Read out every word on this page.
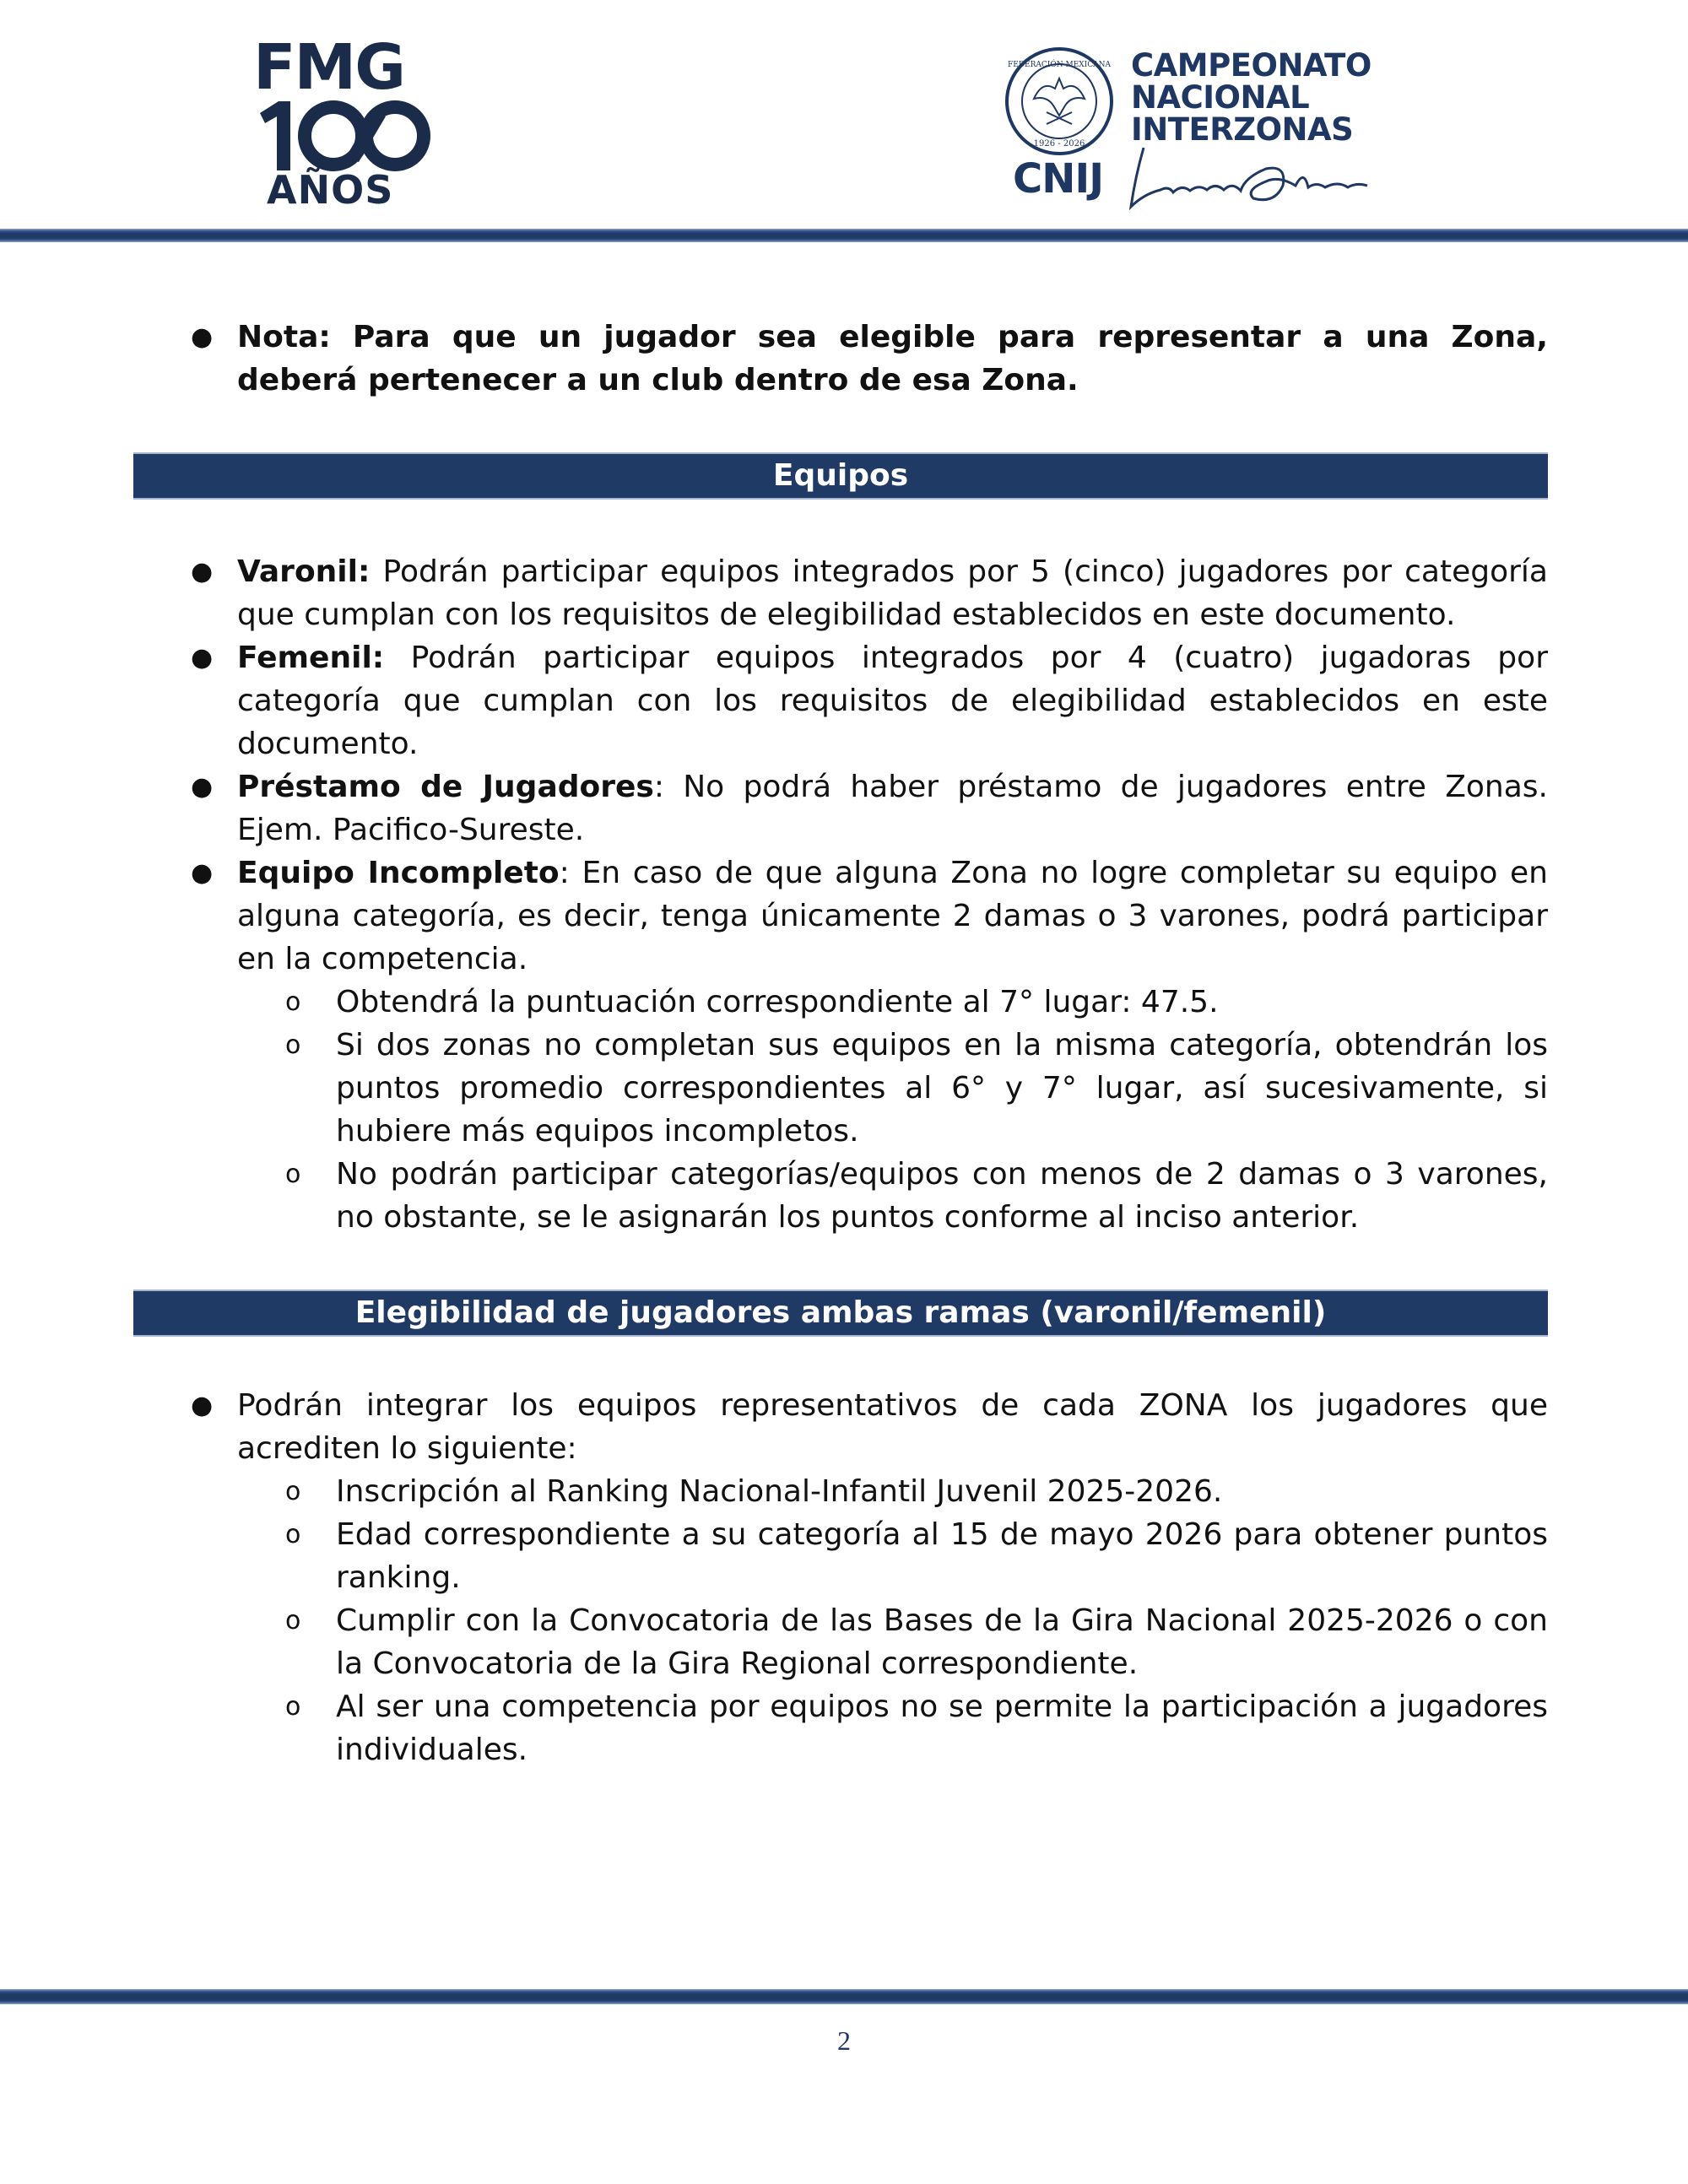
FMG
AÑOS
FEDERACIÓN MEXICANA
1926 - 2026
CNIJ
CAMPEONATO
NACIONAL
INTERZONAS
● Nota: Para que un jugador sea elegible para representar a una Zona, deberá pertenecer a un club dentro de esa Zona.
Equipos
● Varonil: Podrán participar equipos integrados por 5 (cinco) jugadores por categoría que cumplan con los requisitos de elegibilidad establecidos en este documento.
● Femenil: Podrán participar equipos integrados por 4 (cuatro) jugadoras por categoría que cumplan con los requisitos de elegibilidad establecidos en este documento.
● Préstamo de Jugadores: No podrá haber préstamo de jugadores entre Zonas. Ejem. Pacifico-Sureste.
● Equipo Incompleto: En caso de que alguna Zona no logre completar su equipo en alguna categoría, es decir, tenga únicamente 2 damas o 3 varones, podrá participar en la competencia.
o Obtendrá la puntuación correspondiente al 7° lugar: 47.5.
o Si dos zonas no completan sus equipos en la misma categoría, obtendrán los puntos promedio correspondientes al 6° y 7° lugar, así sucesivamente, si hubiere más equipos incompletos.
o No podrán participar categorías/equipos con menos de 2 damas o 3 varones, no obstante, se le asignarán los puntos conforme al inciso anterior.
Elegibilidad de jugadores ambas ramas (varonil/femenil)
● Podrán integrar los equipos representativos de cada ZONA los jugadores que acrediten lo siguiente:
o Inscripción al Ranking Nacional-Infantil Juvenil 2025-2026.
o Edad correspondiente a su categoría al 15 de mayo 2026 para obtener puntos ranking.
o Cumplir con la Convocatoria de las Bases de la Gira Nacional 2025-2026 o con la Convocatoria de la Gira Regional correspondiente.
o Al ser una competencia por equipos no se permite la participación a jugadores individuales.
2
